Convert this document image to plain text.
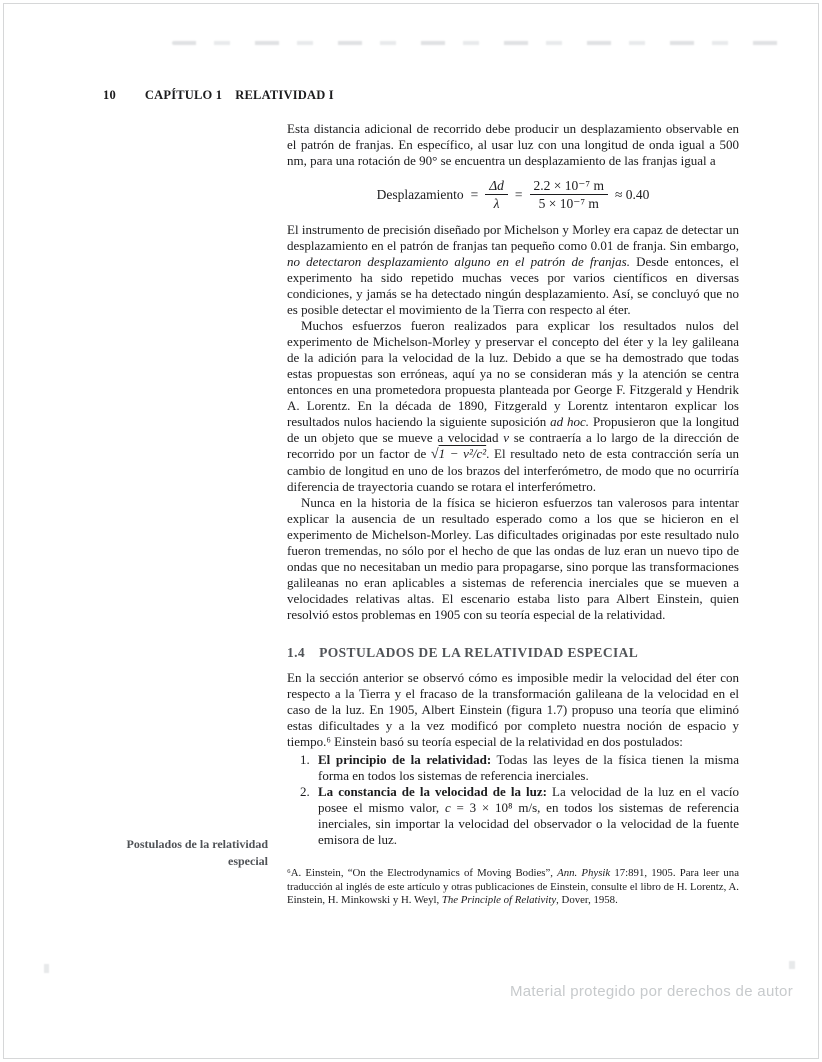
10 CAPÍTULO 1 RELATIVIDAD I
Postulados de la relatividad
especial

Esta distancia adicional de recorrido debe producir un desplazamiento observable en el patrón de franjas. En específico, al usar luz con una longitud de onda igual a 500 nm, para una rotación de 90° se encuentra un desplazamiento de las franjas igual a

Desplazamiento = $\frac{\Delta d}{\lambda} = \frac{\text{2.2 × 10⁻⁷ m}}{\text{5 × 10⁻⁷ m}} \approx 0.40$

El instrumento de precisión diseñado por Michelson y Morley era capaz de detectar un desplazamiento en el patrón de franjas tan pequeño como 0.01 de franja. Sin embargo, no detectaron desplazamiento alguno en el patrón de franjas. Desde entonces, el experimento ha sido repetido muchas veces por varios científicos en diversas condiciones, y jamás se ha detectado ningún desplazamiento. Así, se concluyó que no es posible detectar el movimiento de la Tierra con respecto al éter.

Muchos esfuerzos fueron realizados para explicar los resultados nulos del experimento de Michelson-Morley y preservar el concepto del éter y la ley galileana de la adición para la velocidad de la luz. Debido a que se ha demostrado que todas estas propuestas son erróneas, aquí ya no se consideran más y la atención se centra entonces en una prometedora propuesta planteada por George F. Fitzgerald y Hendrik A. Lorentz. En la década de 1890, Fitzgerald y Lorentz intentaron explicar los resultados nulos haciendo la siguiente suposición ad hoc. Propusieron que la longitud de un objeto que se mueve a velocidad v se contraería a lo largo de la dirección de recorrido por un factor de √1 − v²/c². El resultado neto de esta contracción sería un cambio de longitud en uno de los brazos del interferómetro, de modo que no ocurriría diferencia de trayectoria cuando se rotara el interferómetro.

Nunca en la historia de la física se hicieron esfuerzos tan valerosos para intentar explicar la ausencia de un resultado esperado como a los que se hicieron en el experimento de Michelson-Morley. Las dificultades originadas por este resultado nulo fueron tremendas, no sólo por el hecho de que las ondas de luz eran un nuevo tipo de ondas que no necesitaban un medio para propagarse, sino porque las transformaciones galileanas no eran aplicables a sistemas de referencia inerciales que se mueven a velocidades relativas altas. El escenario estaba listo para Albert Einstein, quien resolvió estos problemas en 1905 con su teoría especial de la relatividad.

1.4 POSTULADOS DE LA RELATIVIDAD ESPECIAL

En la sección anterior se observó cómo es imposible medir la velocidad del éter con respecto a la Tierra y el fracaso de la transformación galileana de la velocidad en el caso de la luz. En 1905, Albert Einstein (figura 1.7) propuso una teoría que eliminó estas dificultades y a la vez modificó por completo nuestra noción de espacio y tiempo.⁶ Einstein basó su teoría especial de la relatividad en dos postulados:

1. El principio de la relatividad: Todas las leyes de la física tienen la misma forma en todos los sistemas de referencia inerciales.

2. La constancia de la velocidad de la luz: La velocidad de la luz en el vacío posee el mismo valor, c = 3 × 10⁸ m/s, en todos los sistemas de referencia inerciales, sin importar la velocidad del observador o la velocidad de la fuente emisora de luz.

⁶A. Einstein, “On the Electrodynamics of Moving Bodies”, Ann. Physik 17:891, 1905. Para leer una traducción al inglés de este artículo y otras publicaciones de Einstein, consulte el libro de H. Lorentz, A. Einstein, H. Minkowski y H. Weyl, The Principle of Relativity, Dover, 1958.
Material protegido por derechos de autor
